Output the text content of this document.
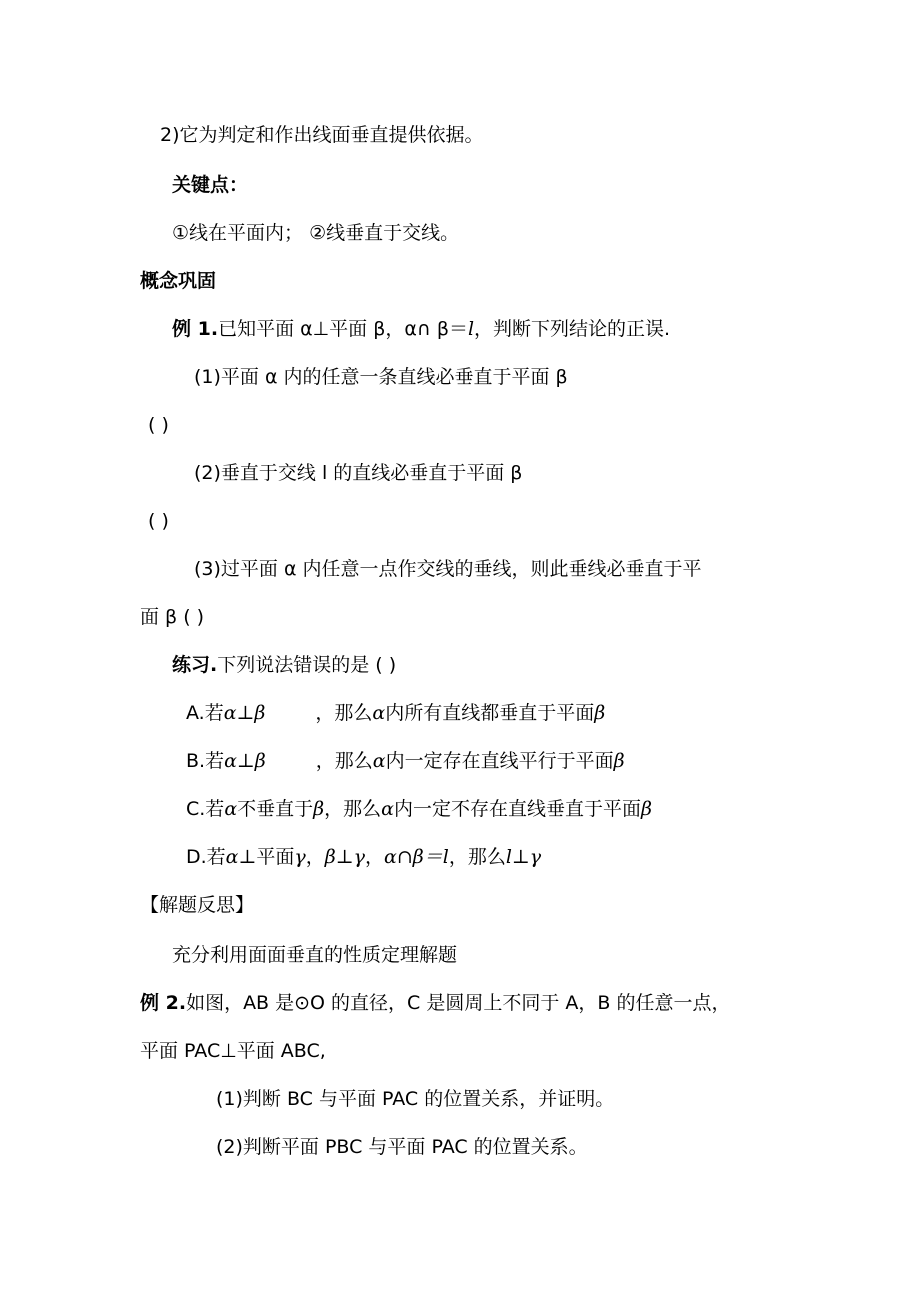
2)它为判定和作出线面垂直提供依据。
关键点：
①线在平面内； ②线垂直于交线。
概念巩固
例 1.已知平面 α⊥平面 β，α∩ β＝l，判断下列结论的正误.
(1)平面 α 内的任意一条直线必垂直于平面 β
( )
(2)垂直于交线 l 的直线必垂直于平面 β
( )
(3)过平面 α 内任意一点作交线的垂线，则此垂线必垂直于平
面 β ( )
练习.下列说法错误的是 ( )
A.若α⊥β	，那么α内所有直线都垂直于平面β
B.若α⊥β	，那么α内一定存在直线平行于平面β
C.若α不垂直于β，那么α内一定不存在直线垂直于平面β
D.若α⊥平面γ，β⊥γ，α∩β＝l，那么l⊥γ
【解题反思】
充分利用面面垂直的性质定理解题
例 2.如图，AB 是⊙O 的直径，C 是圆周上不同于 A，B 的任意一点，
平面 PAC⊥平面 ABC,
(1)判断 BC 与平面 PAC 的位置关系，并证明。
(2)判断平面 PBC 与平面 PAC 的位置关系。
